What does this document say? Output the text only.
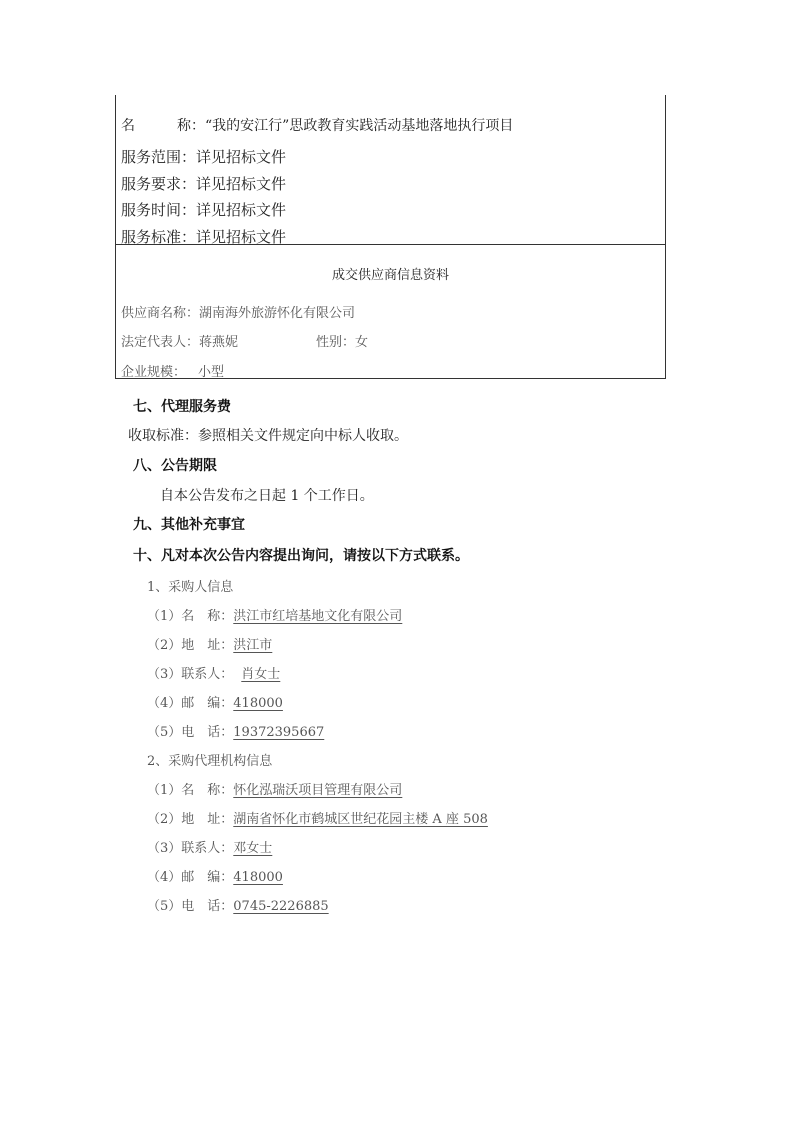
名　　　称：“我的安江行”思政教育实践活动基地落地执行项目
服务范围：详见招标文件
服务要求：详见招标文件
服务时间：详见招标文件
服务标准：详见招标文件
成交供应商信息资料
供应商名称：湖南海外旅游怀化有限公司
法定代表人：蒋燕妮	性别：女
企业规模： 小型
七、代理服务费
收取标准：参照相关文件规定向中标人收取。
八、公告期限
自本公告发布之日起 1 个工作日。
九、其他补充事宜
十、凡对本次公告内容提出询问，请按以下方式联系。
1、采购人信息
（1）名　称：洪江市红培基地文化有限公司
（2）地　址：洪江市
（3）联系人： 肖女士
（4）邮　编：418000
（5）电　话：19372395667
2、采购代理机构信息
（1）名　称：怀化泓瑞沃项目管理有限公司
（2）地　址：湖南省怀化市鹤城区世纪花园主楼 A 座 508
（3）联系人：邓女士
（4）邮　编：418000
（5）电　话：0745-2226885
